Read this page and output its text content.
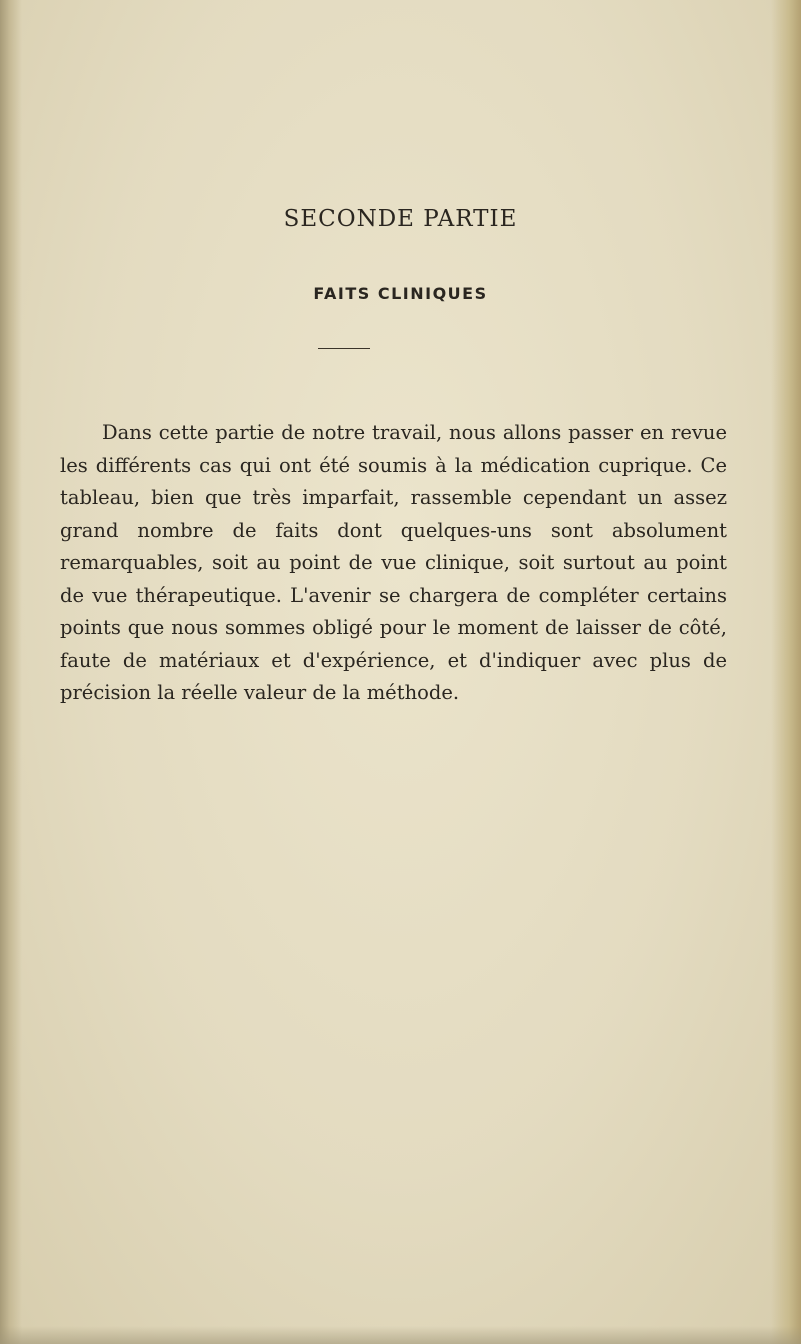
SECONDE PARTIE
FAITS CLINIQUES

Dans cette partie de notre travail, nous allons passer en revue les différents cas qui ont été soumis à la médication cuprique. Ce tableau, bien que très imparfait, rassemble cependant un assez grand nombre de faits dont quelques-uns sont absolument remarquables, soit au point de vue clinique, soit surtout au point de vue thérapeutique. L'avenir se chargera de compléter certains points que nous sommes obligé pour le moment de laisser de côté, faute de matériaux et d'expérience, et d'indiquer avec plus de précision la réelle valeur de la méthode.
